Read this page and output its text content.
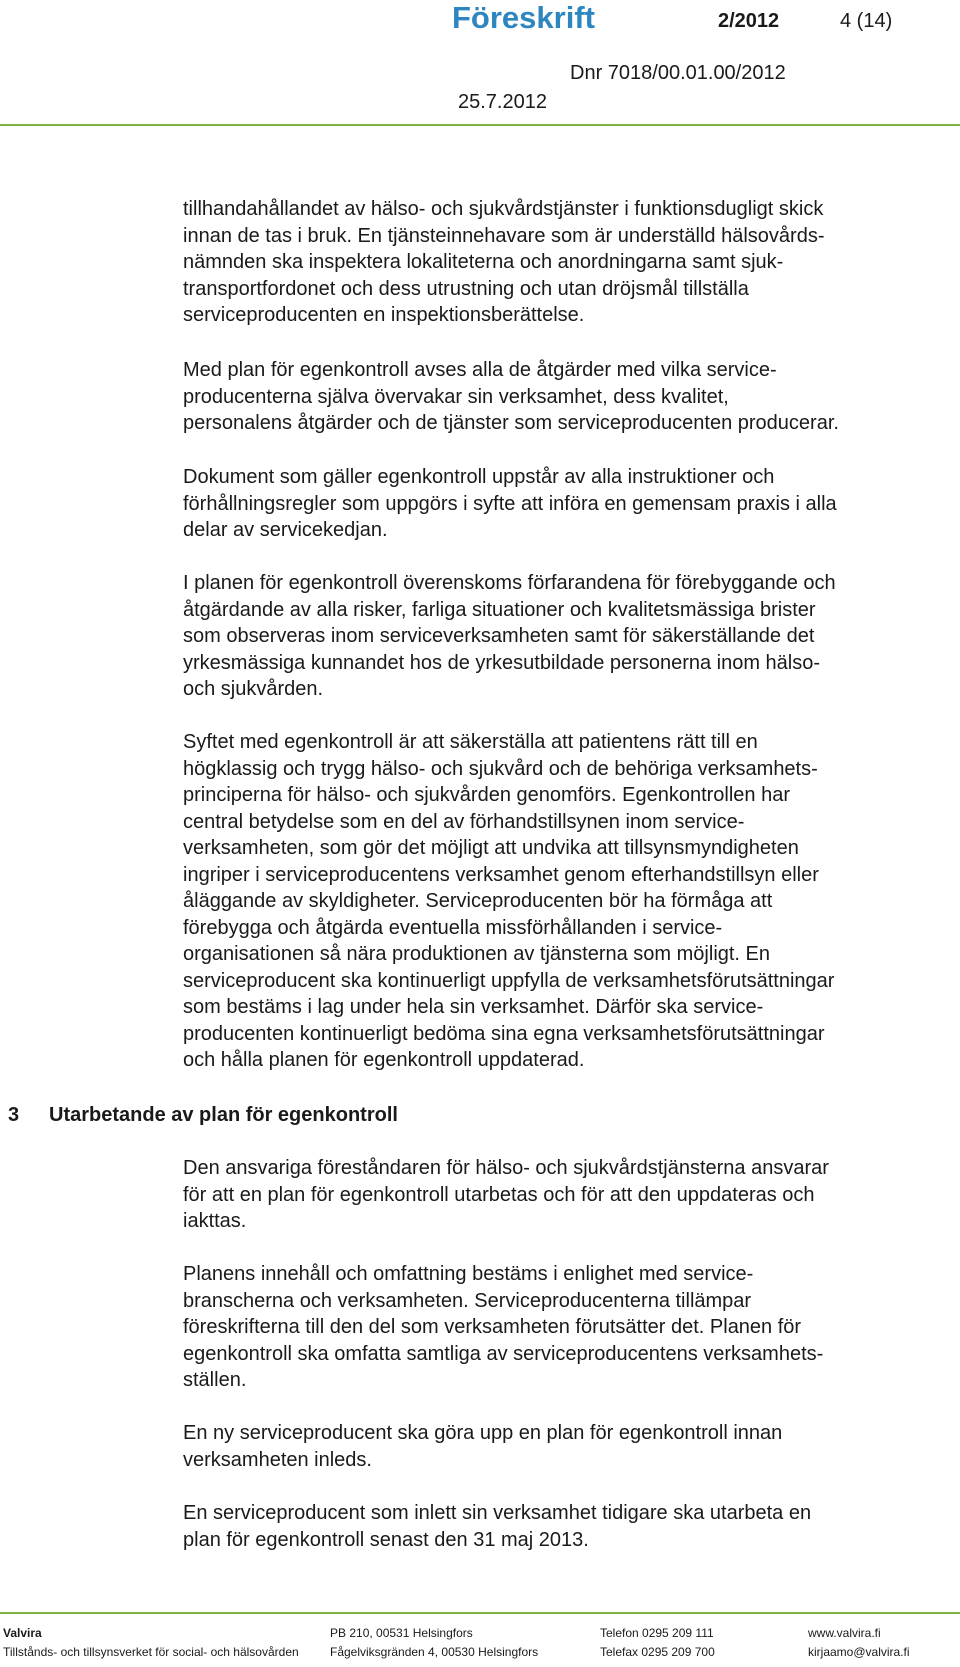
Föreskrift	2/2012	4 (14)
Dnr 7018/00.01.00/2012
25.7.2012

tillhandahållandet av hälso- och sjukvårdstjänster i funktionsdugligt skick
innan de tas i bruk. En tjänsteinnehavare som är underställd hälsovårds-
nämnden ska inspektera lokaliteterna och anordningarna samt sjuk-
transportfordonet och dess utrustning och utan dröjsmål tillställa
serviceproducenten en inspektionsberättelse.

Med plan för egenkontroll avses alla de åtgärder med vilka service-
producenterna själva övervakar sin verksamhet, dess kvalitet,
personalens åtgärder och de tjänster som serviceproducenten producerar.

Dokument som gäller egenkontroll uppstår av alla instruktioner och
förhållningsregler som uppgörs i syfte att införa en gemensam praxis i alla
delar av servicekedjan.

I planen för egenkontroll överenskoms förfarandena för förebyggande och
åtgärdande av alla risker, farliga situationer och kvalitetsmässiga brister
som observeras inom serviceverksamheten samt för säkerställande det
yrkesmässiga kunnandet hos de yrkesutbildade personerna inom hälso-
och sjukvården.

Syftet med egenkontroll är att säkerställa att patientens rätt till en
högklassig och trygg hälso- och sjukvård och de behöriga verksamhets-
principerna för hälso- och sjukvården genomförs. Egenkontrollen har
central betydelse som en del av förhandstillsynen inom service-
verksamheten, som gör det möjligt att undvika att tillsynsmyndigheten
ingriper i serviceproducentens verksamhet genom efterhandstillsyn eller
åläggande av skyldigheter. Serviceproducenten bör ha förmåga att
förebygga och åtgärda eventuella missförhållanden i service-
organisationen så nära produktionen av tjänsterna som möjligt. En
serviceproducent ska kontinuerligt uppfylla de verksamhetsförutsättningar
som bestäms i lag under hela sin verksamhet. Därför ska service-
producenten kontinuerligt bedöma sina egna verksamhetsförutsättningar
och hålla planen för egenkontroll uppdaterad.

3 Utarbetande av plan för egenkontroll

Den ansvariga föreståndaren för hälso- och sjukvårdstjänsterna ansvarar
för att en plan för egenkontroll utarbetas och för att den uppdateras och
iakttas.

Planens innehåll och omfattning bestäms i enlighet med service-
branscherna och verksamheten. Serviceproducenterna tillämpar
föreskrifterna till den del som verksamheten förutsätter det. Planen för
egenkontroll ska omfatta samtliga av serviceproducentens verksamhets-
ställen.

En ny serviceproducent ska göra upp en plan för egenkontroll innan
verksamheten inleds.

En serviceproducent som inlett sin verksamhet tidigare ska utarbeta en
plan för egenkontroll senast den 31 maj 2013.

Valvira
Tillstånds- och tillsynsverket för social- och hälsovården
PB 210, 00531 Helsingfors
Fågelviksgränden 4, 00530 Helsingfors
Telefon 0295 209 111
Telefax 0295 209 700
www.valvira.fi
kirjaamo@valvira.fi
